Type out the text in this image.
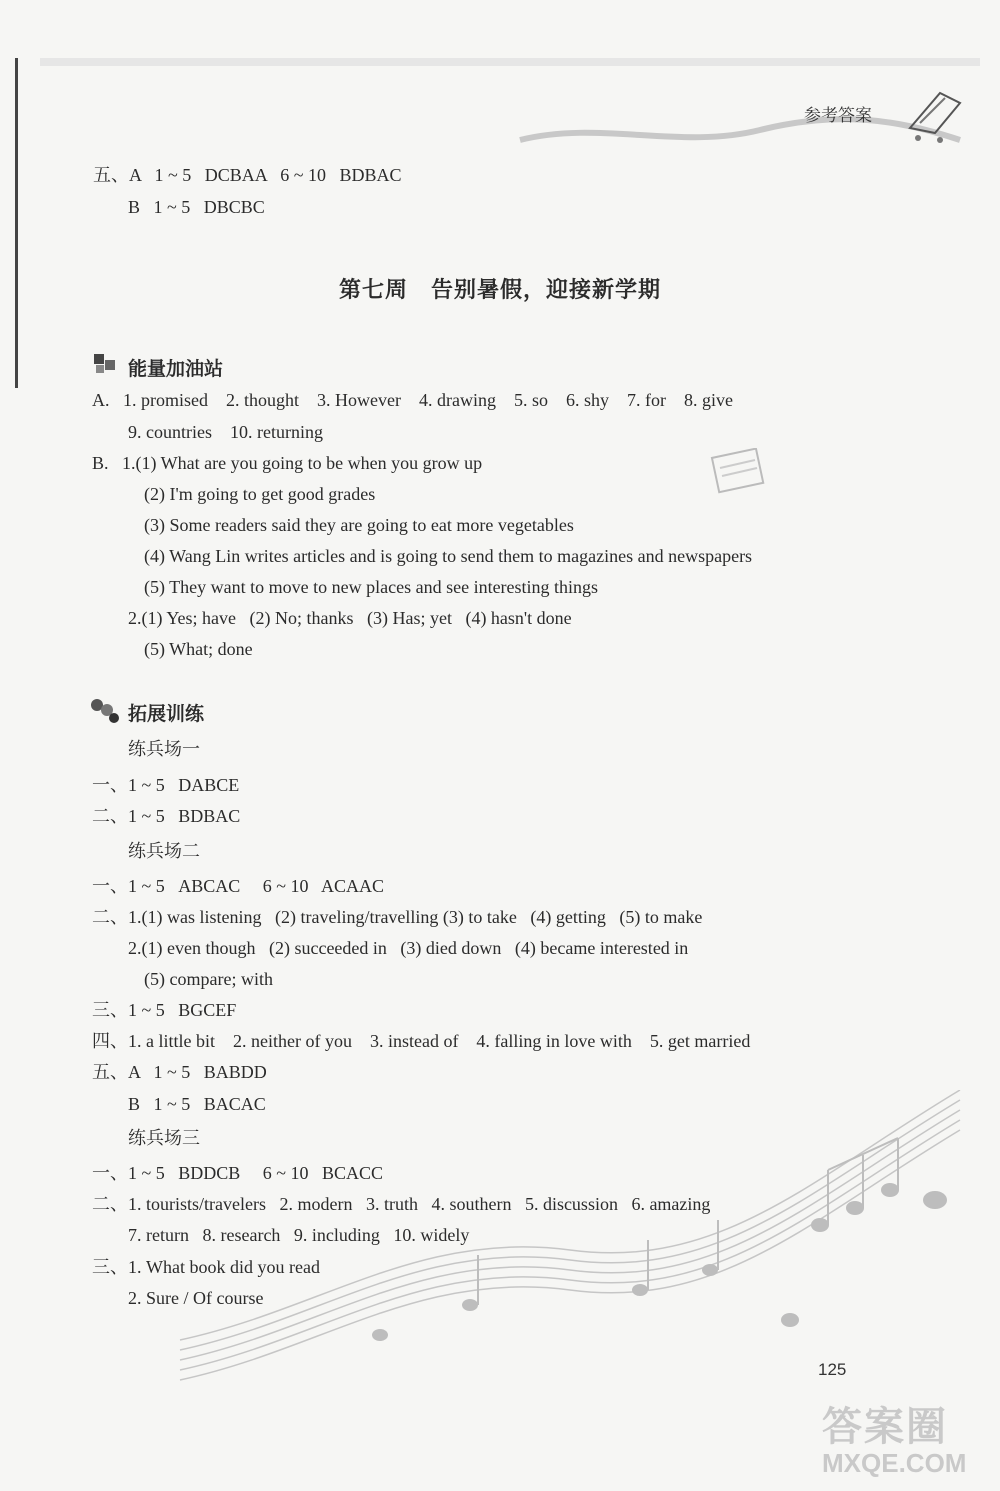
参考答案
五、A   1 ~ 5   DCBAA   6 ~ 10   BDBAC
B   1 ~ 5   DBCBC
第七周　告别暑假，迎接新学期
能量加油站
A.   1. promised    2. thought    3. However    4. drawing    5. so    6. shy    7. for    8. give
9. countries    10. returning
B.   1.(1) What are you going to be when you grow up
(2) I'm going to get good grades
(3) Some readers said they are going to eat more vegetables
(4) Wang Lin writes articles and is going to send them to magazines and newspapers
(5) They want to move to new places and see interesting things
2.(1) Yes; have   (2) No; thanks   (3) Has; yet   (4) hasn't done
(5) What; done
拓展训练
练兵场一
一、1 ~ 5   DABCE
二、1 ~ 5   BDBAC
练兵场二
一、1 ~ 5   ABCAC     6 ~ 10   ACAAC
二、1.(1) was listening   (2) traveling/travelling (3) to take   (4) getting   (5) to make
2.(1) even though   (2) succeeded in   (3) died down   (4) became interested in
(5) compare; with
三、1 ~ 5   BGCEF
四、1. a little bit    2. neither of you    3. instead of    4. falling in love with    5. get married
五、A   1 ~ 5   BABDD
B   1 ~ 5   BACAC
练兵场三
一、1 ~ 5   BDDCB     6 ~ 10   BCACC
二、1. tourists/travelers   2. modern   3. truth   4. southern   5. discussion   6. amazing
7. return   8. research   9. including   10. widely
三、1. What book did you read
2. Sure / Of course
125
答案圈
MXQE.COM
